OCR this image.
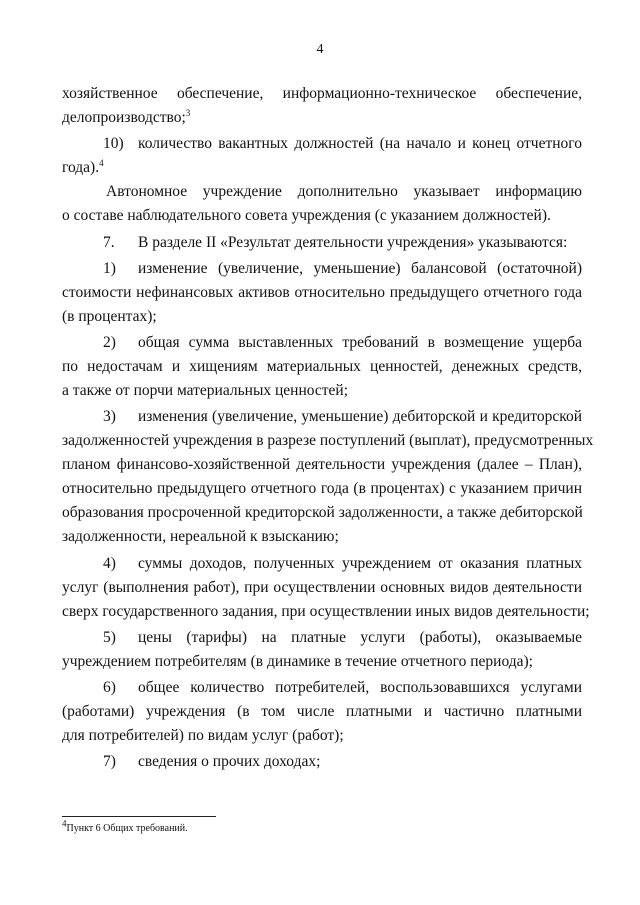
4
хозяйственное обеспечение, информационно-техническое обеспечение,
делопроизводство;$^3$
10) количество вакантных должностей (на начало и конец отчетного
года).$^4$
Автономное учреждение дополнительно указывает информацию
о составе наблюдательного совета учреждения (с указанием должностей).
7. В разделе II «Результат деятельности учреждения» указываются:
1) изменение (увеличение, уменьшение) балансовой (остаточной)
стоимости нефинансовых активов относительно предыдущего отчетного года
(в процентах);
2) общая сумма выставленных требований в возмещение ущерба
по недостачам и хищениям материальных ценностей, денежных средств,
а также от порчи материальных ценностей;
3) изменения (увеличение, уменьшение) дебиторской и кредиторской
задолженностей учреждения в разрезе поступлений (выплат), предусмотренных
планом финансово-хозяйственной деятельности учреждения (далее – План),
относительно предыдущего отчетного года (в процентах) с указанием причин
образования просроченной кредиторской задолженности, а также дебиторской
задолженности, нереальной к взысканию;
4) суммы доходов, полученных учреждением от оказания платных
услуг (выполнения работ), при осуществлении основных видов деятельности
сверх государственного задания, при осуществлении иных видов деятельности;
5) цены (тарифы) на платные услуги (работы), оказываемые
учреждением потребителям (в динамике в течение отчетного периода);
6) общее количество потребителей, воспользовавшихся услугами
(работами) учреждения (в том числе платными и частично платными
для потребителей) по видам услуг (работ);
7) сведения о прочих доходах;
$^4$Пункт 6 Общих требований.
